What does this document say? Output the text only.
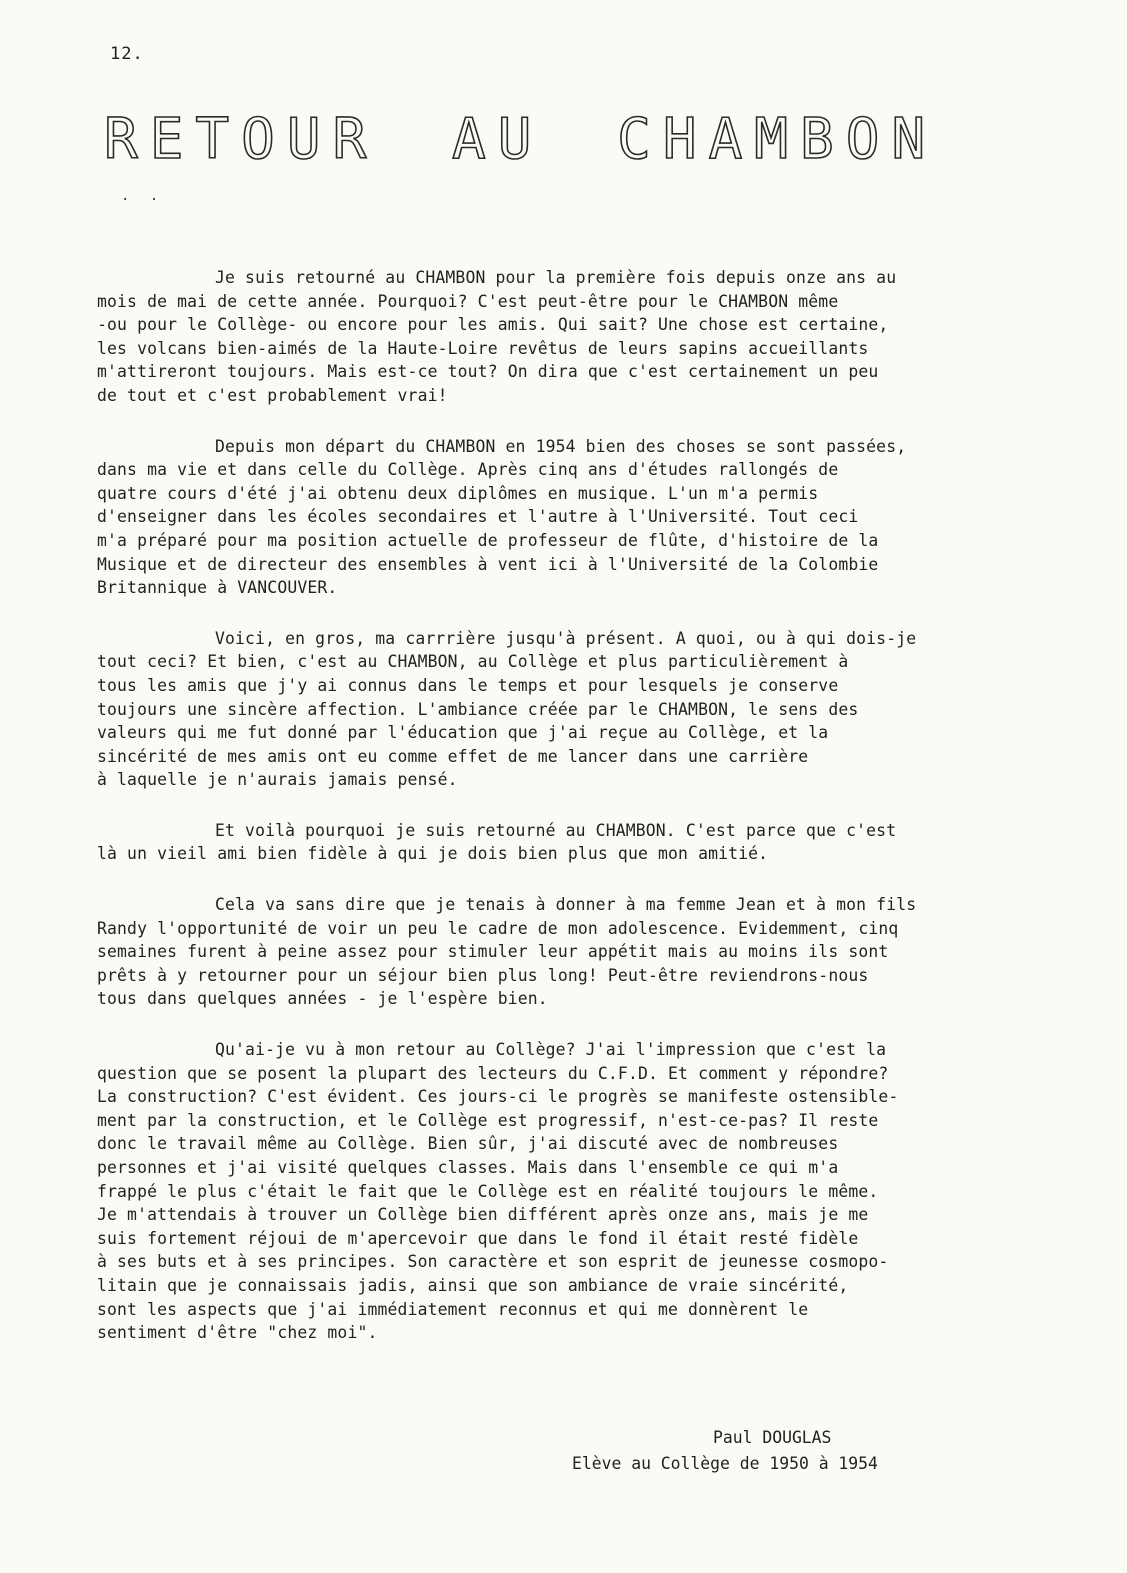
12.
RETOUR AU CHAMBON
. .

Je suis retourné au CHAMBON pour la première fois depuis onze ans au
mois de mai de cette année. Pourquoi? C'est peut-être pour le CHAMBON même
-ou pour le Collège- ou encore pour les amis. Qui sait? Une chose est certaine,
les volcans bien-aimés de la Haute-Loire revêtus de leurs sapins accueillants
m'attireront toujours. Mais est-ce tout? On dira que c'est certainement un peu
de tout et c'est probablement vrai!

Depuis mon départ du CHAMBON en 1954 bien des choses se sont passées,
dans ma vie et dans celle du Collège. Après cinq ans d'études rallongés de
quatre cours d'été j'ai obtenu deux diplômes en musique. L'un m'a permis
d'enseigner dans les écoles secondaires et l'autre à l'Université. Tout ceci
m'a préparé pour ma position actuelle de professeur de flûte, d'histoire de la
Musique et de directeur des ensembles à vent ici à l'Université de la Colombie
Britannique à VANCOUVER.

Voici, en gros, ma carrrière jusqu'à présent. A quoi, ou à qui dois-je
tout ceci? Et bien, c'est au CHAMBON, au Collège et plus particulièrement à
tous les amis que j'y ai connus dans le temps et pour lesquels je conserve
toujours une sincère affection. L'ambiance créée par le CHAMBON, le sens des
valeurs qui me fut donné par l'éducation que j'ai reçue au Collège, et la
sincérité de mes amis ont eu comme effet de me lancer dans une carrière
à laquelle je n'aurais jamais pensé.

Et voilà pourquoi je suis retourné au CHAMBON. C'est parce que c'est
là un vieil ami bien fidèle à qui je dois bien plus que mon amitié.

Cela va sans dire que je tenais à donner à ma femme Jean et à mon fils
Randy l'opportunité de voir un peu le cadre de mon adolescence. Evidemment, cinq
semaines furent à peine assez pour stimuler leur appétit mais au moins ils sont
prêts à y retourner pour un séjour bien plus long! Peut-être reviendrons-nous
tous dans quelques années - je l'espère bien.

Qu'ai-je vu à mon retour au Collège? J'ai l'impression que c'est la
question que se posent la plupart des lecteurs du C.F.D. Et comment y répondre?
La construction? C'est évident. Ces jours-ci le progrès se manifeste ostensible-
ment par la construction, et le Collège est progressif, n'est-ce-pas? Il reste
donc le travail même au Collège. Bien sûr, j'ai discuté avec de nombreuses
personnes et j'ai visité quelques classes. Mais dans l'ensemble ce qui m'a
frappé le plus c'était le fait que le Collège est en réalité toujours le même.
Je m'attendais à trouver un Collège bien différent après onze ans, mais je me
suis fortement réjoui de m'apercevoir que dans le fond il était resté fidèle
à ses buts et à ses principes. Son caractère et son esprit de jeunesse cosmopo-
litain que je connaissais jadis, ainsi que son ambiance de vraie sincérité,
sont les aspects que j'ai immédiatement reconnus et qui me donnèrent le
sentiment d'être "chez moi".

Paul DOUGLAS
Elève au Collège de 1950 à 1954
